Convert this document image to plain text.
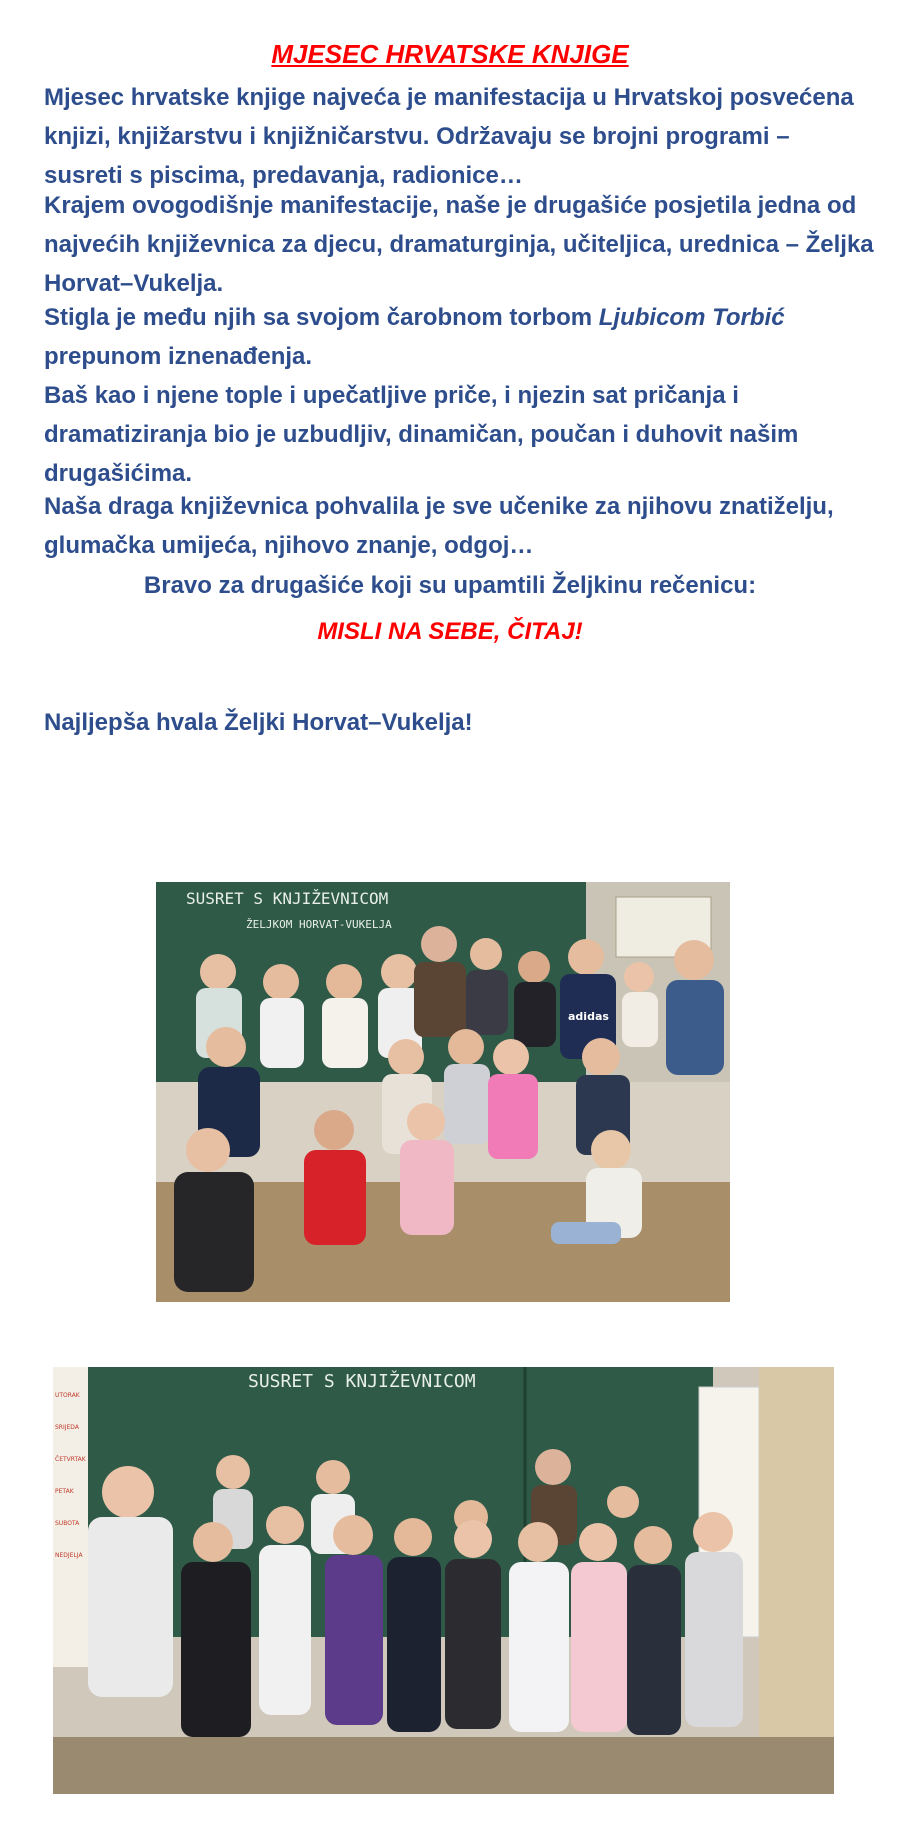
MJESEC HRVATSKE KNJIGE

Mjesec hrvatske knjige najveća je manifestacija u Hrvatskoj posvećena knjizi, knjižarstvu i knjižničarstvu. Održavaju se brojni programi – susreti s piscima, predavanja, radionice…

Krajem ovogodišnje manifestacije, naše je drugašiće posjetila jedna od najvećih književnica za djecu, dramaturginja, učiteljica, urednica – Željka Horvat–Vukelja.

Stigla je među njih sa svojom čarobnom torbom Ljubicom Torbić prepunom iznenađenja.

Baš kao i njene tople i upečatljive priče, i njezin sat pričanja i dramatiziranja bio je uzbudljiv, dinamičan, poučan i duhovit našim drugašićima.

Naša draga književnica pohvalila je sve učenike za njihovu znatiželju, glumačka umijeća, njihovo znanje, odgoj…

Bravo za drugašiće koji su upamtili Željkinu rečenicu:
MISLI NA SEBE, ČITAJ!

Najljepša hvala Željki Horvat–Vukelja!

SUSRET S KNJIŽEVNICOM
ŽELJKOM HORVAT-VUKELJA
adidas
UTORAK
SRIJEDA
ČETVRTAK
PETAK
SUBOTA
NEDJELJA
SUSRET S KNJIŽEVNICOM
